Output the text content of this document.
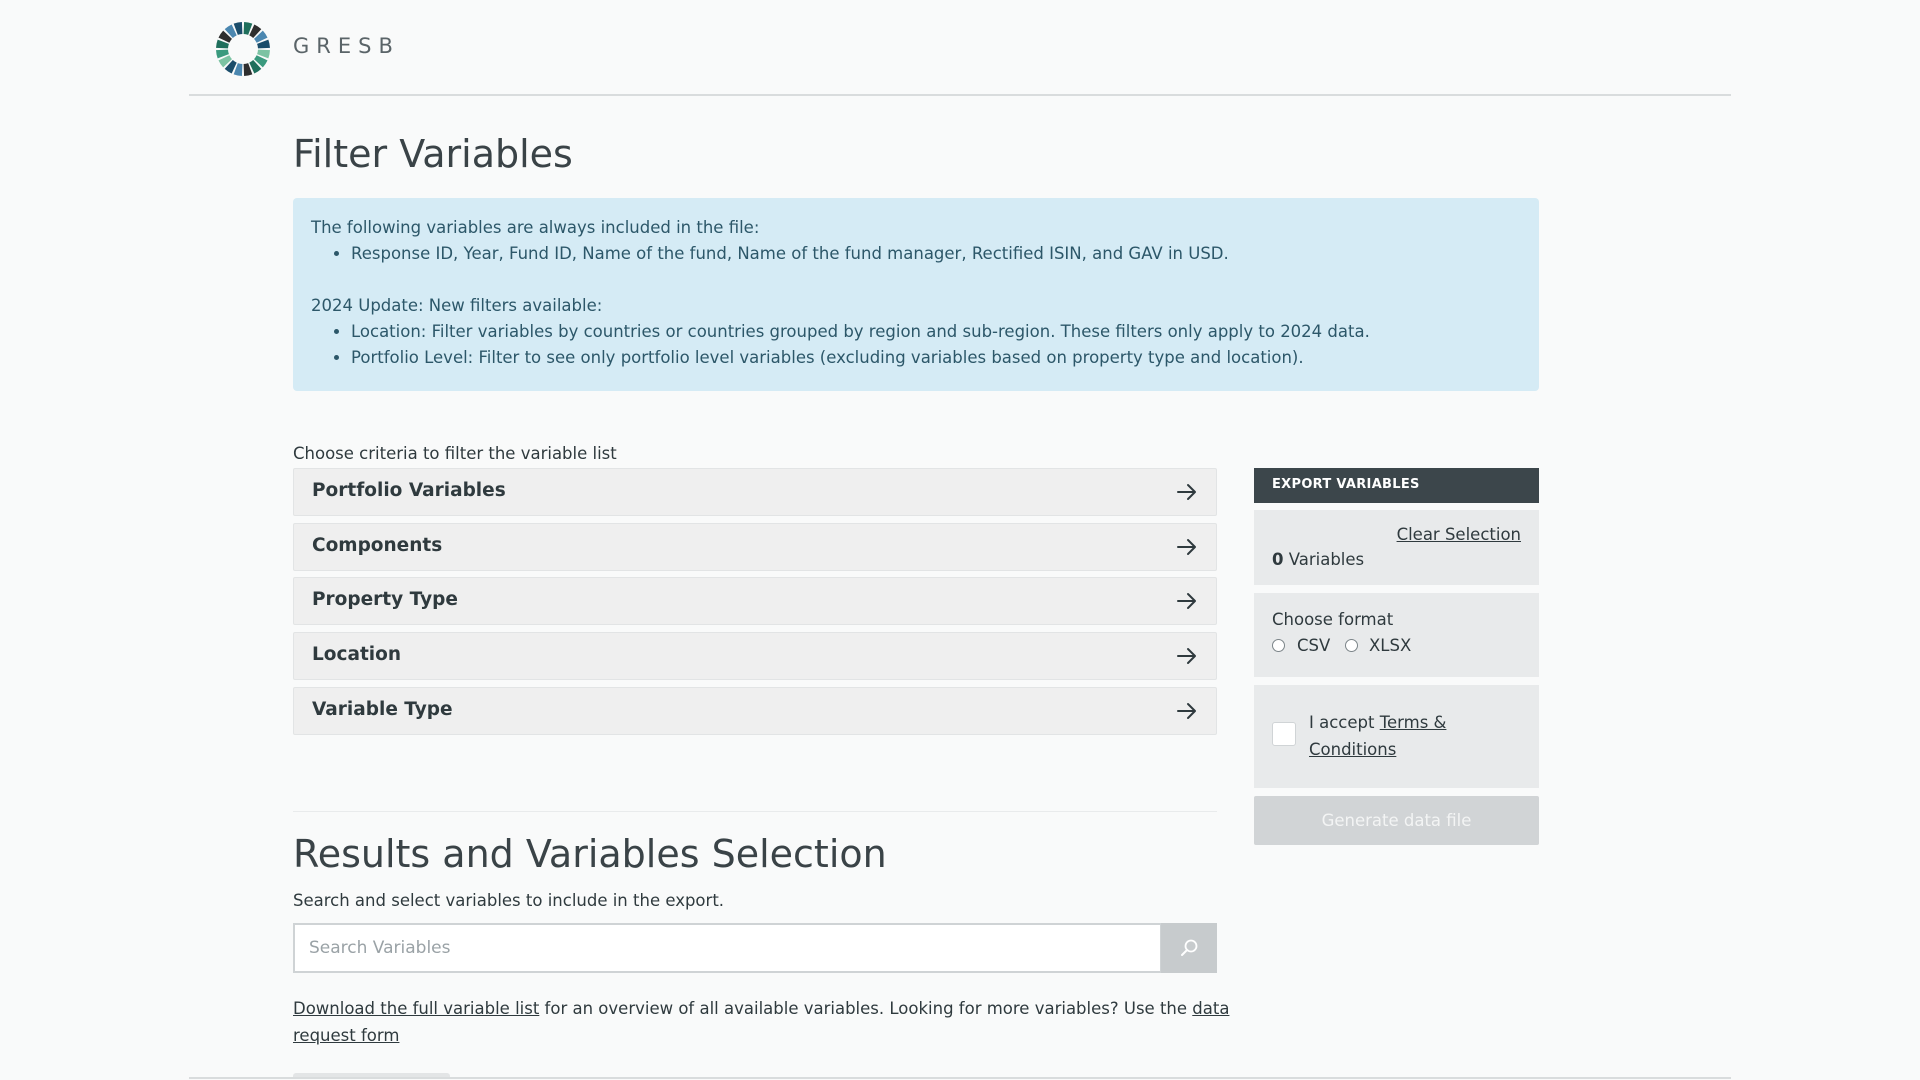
GRESB
Filter Variables

The following variables are always included in the file:

• Response ID, Year, Fund ID, Name of the fund, Name of the fund manager, Rectified ISIN, and GAV in USD.

2024 Update: New filters available:

• Location: Filter variables by countries or countries grouped by region and sub-region. These filters only apply to 2024 data.
• Portfolio Level: Filter to see only portfolio level variables (excluding variables based on property type and location).
Choose criteria to filter the variable list
Portfolio Variables
Components
Property Type
Location
Variable Type
Results and Variables Selection
Search and select variables to include in the export.
Search Variables
Download the full variable list for an overview of all available variables. Looking for more variables? Use the data request form
EXPORT VARIABLES
Clear Selection
0 Variables
Choose format
CSV XLSX
I accept Terms & Conditions
Generate data file
